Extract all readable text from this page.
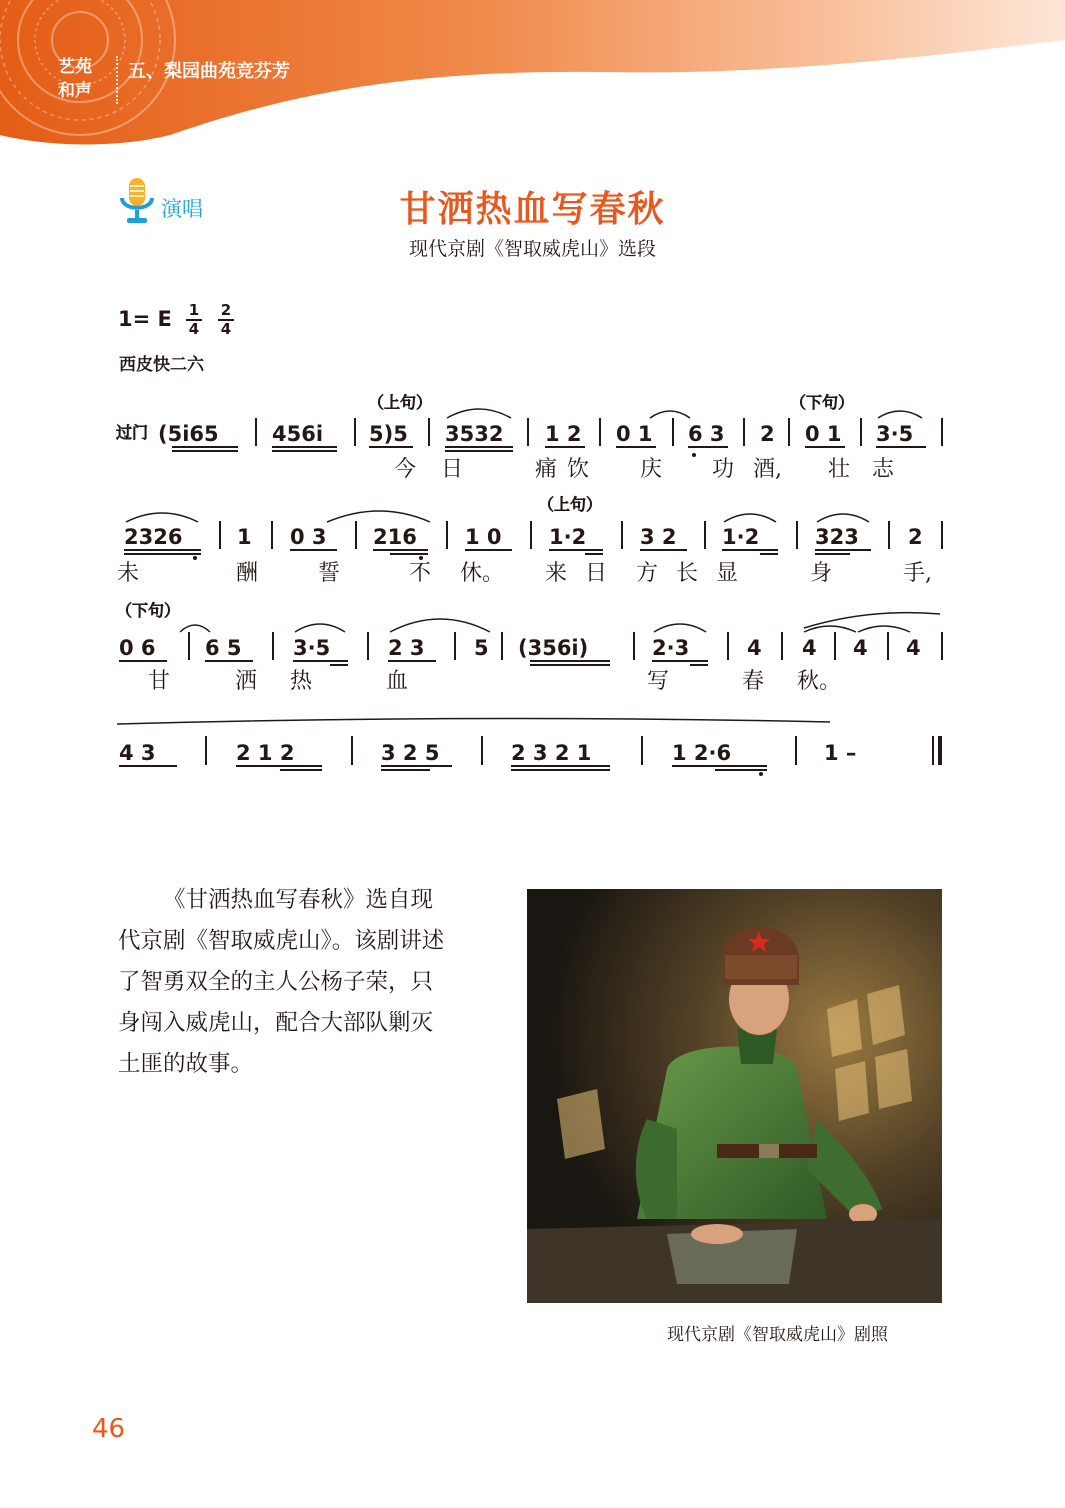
艺苑
和声
五、梨园曲苑竞芬芳
演唱	甘洒热血写春秋
现代京剧《智取威虎山》选段
1= E 1
4
2
4
西皮快二六
过门
（上句）	（下句）
(5i65	456i 5)5 3532 1 2 0 1 6 3 2 0 1 3·5
今 日	痛 饮 庆 功 酒, 壮 志
（上句）
2326	1 0 3 216 1 0 1·2	3 2 1·2	323 2
未	酬	誓	不 休。 来 日 方 长 显	身	手,
（下句）
0 6 6 5 3·5	2 3 5 (356i)	2·3	4 4 4 4
甘	洒 热	血	写	春 秋。
4 3	2 1 2	3 2 5	2 3 2 1	1 2·6	1 –

《甘洒热血写春秋》选自现代京剧《智取威虎山》。该剧讲述了智勇双全的主人公杨子荣，只身闯入威虎山，配合大部队剿灭土匪的故事。

现代京剧《智取威虎山》剧照
46
